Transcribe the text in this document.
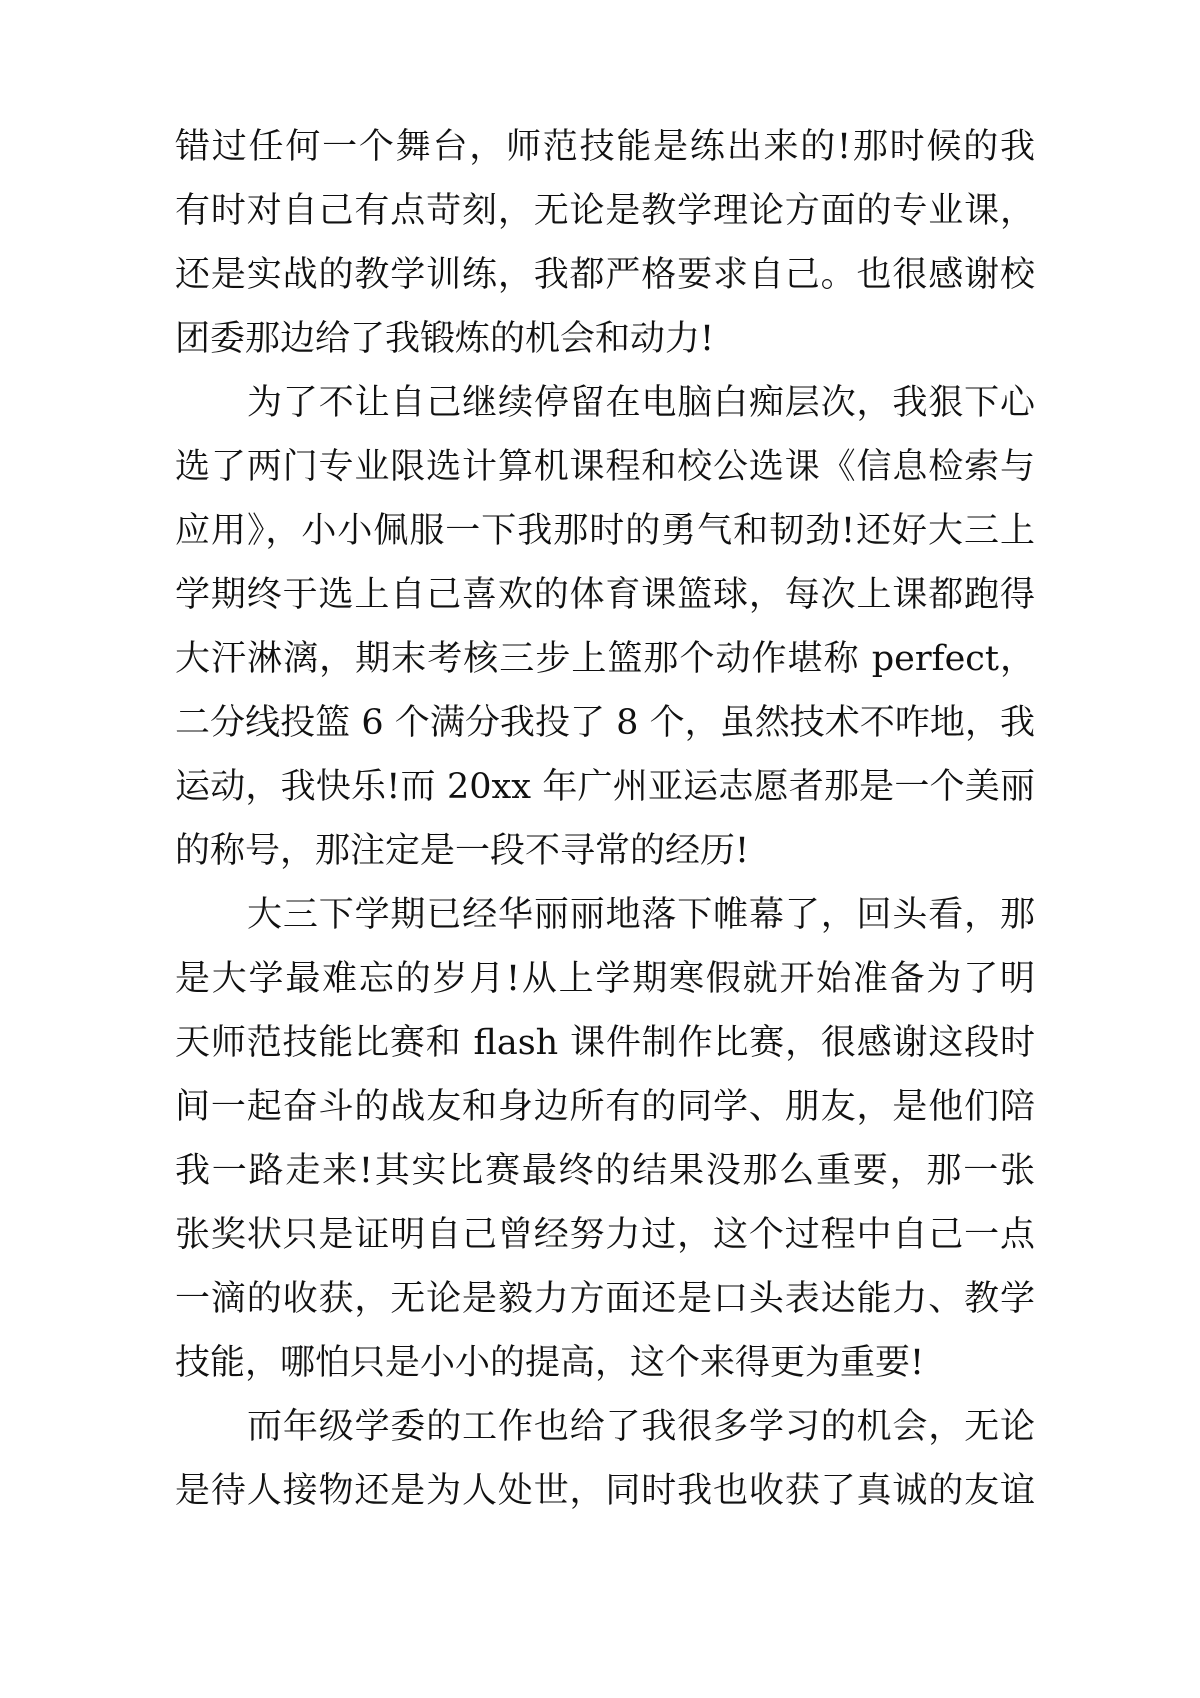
错过任何一个舞台，师范技能是练出来的!那时候的我
有时对自己有点苛刻，无论是教学理论方面的专业课，
还是实战的教学训练，我都严格要求自己。也很感谢校
团委那边给了我锻炼的机会和动力!
为了不让自己继续停留在电脑白痴层次，我狠下心
选了两门专业限选计算机课程和校公选课《信息检索与
应用》，小小佩服一下我那时的勇气和韧劲!还好大三上
学期终于选上自己喜欢的体育课篮球，每次上课都跑得
大汗淋漓，期末考核三步上篮那个动作堪称 perfect，
二分线投篮 6 个满分我投了 8 个，虽然技术不咋地，我
运动，我快乐!而 20xx 年广州亚运志愿者那是一个美丽
的称号，那注定是一段不寻常的经历!
大三下学期已经华丽丽地落下帷幕了，回头看，那
是大学最难忘的岁月!从上学期寒假就开始准备为了明
天师范技能比赛和 flash 课件制作比赛，很感谢这段时
间一起奋斗的战友和身边所有的同学、朋友，是他们陪
我一路走来!其实比赛最终的结果没那么重要，那一张
张奖状只是证明自己曾经努力过，这个过程中自己一点
一滴的收获，无论是毅力方面还是口头表达能力、教学
技能，哪怕只是小小的提高，这个来得更为重要!
而年级学委的工作也给了我很多学习的机会，无论
是待人接物还是为人处世，同时我也收获了真诚的友谊
